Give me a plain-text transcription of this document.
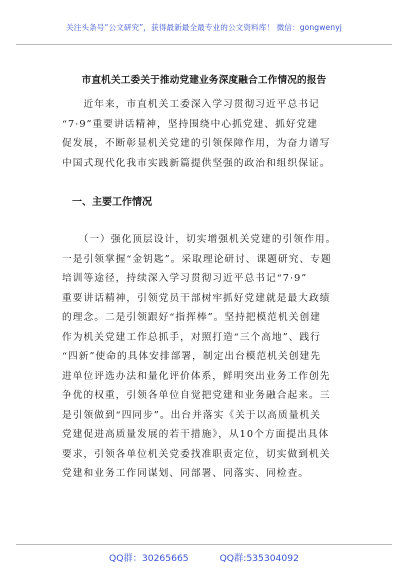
关注头条号“公文研究”，获得最新最全最专业的公文资料库！ 微信：gongwenyj
市直机关工委关于推动党建业务深度融合工作情况的报告
　　近年来，市直机关工委深入学习贯彻习近平总书记
“7·9”重要讲话精神，坚持围绕中心抓党建、抓好党建
促发展，不断彰显机关党建的引领保障作用，为奋力谱写
中国式现代化我市实践新篇提供坚强的政治和组织保证。
　一、主要工作情况
　　（一）强化顶层设计，切实增强机关党建的引领作用。
一是引领掌握“金钥匙”。采取理论研讨、课题研究、专题
培训等途径，持续深入学习贯彻习近平总书记“7·9”
重要讲话精神，引领党员干部树牢抓好党建就是最大政绩
的理念。二是引领跟好“指挥棒”。坚持把模范机关创建
作为机关党建工作总抓手，对照打造“三个高地”、践行
“四新”使命的具体安排部署，制定出台模范机关创建先
进单位评选办法和量化评价体系，鲜明突出业务工作创先
争优的权重，引领各单位自觉把党建和业务融合起来。三
是引领做到“四同步”。出台并落实《关于以高质量机关
党建促进高质量发展的若干措施》，从10个方面提出具体
要求，引领各单位机关党委找准职责定位，切实做到机关
党建和业务工作同谋划、同部署、同落实、同检查。
QQ群：30265665	QQ群:535304092
